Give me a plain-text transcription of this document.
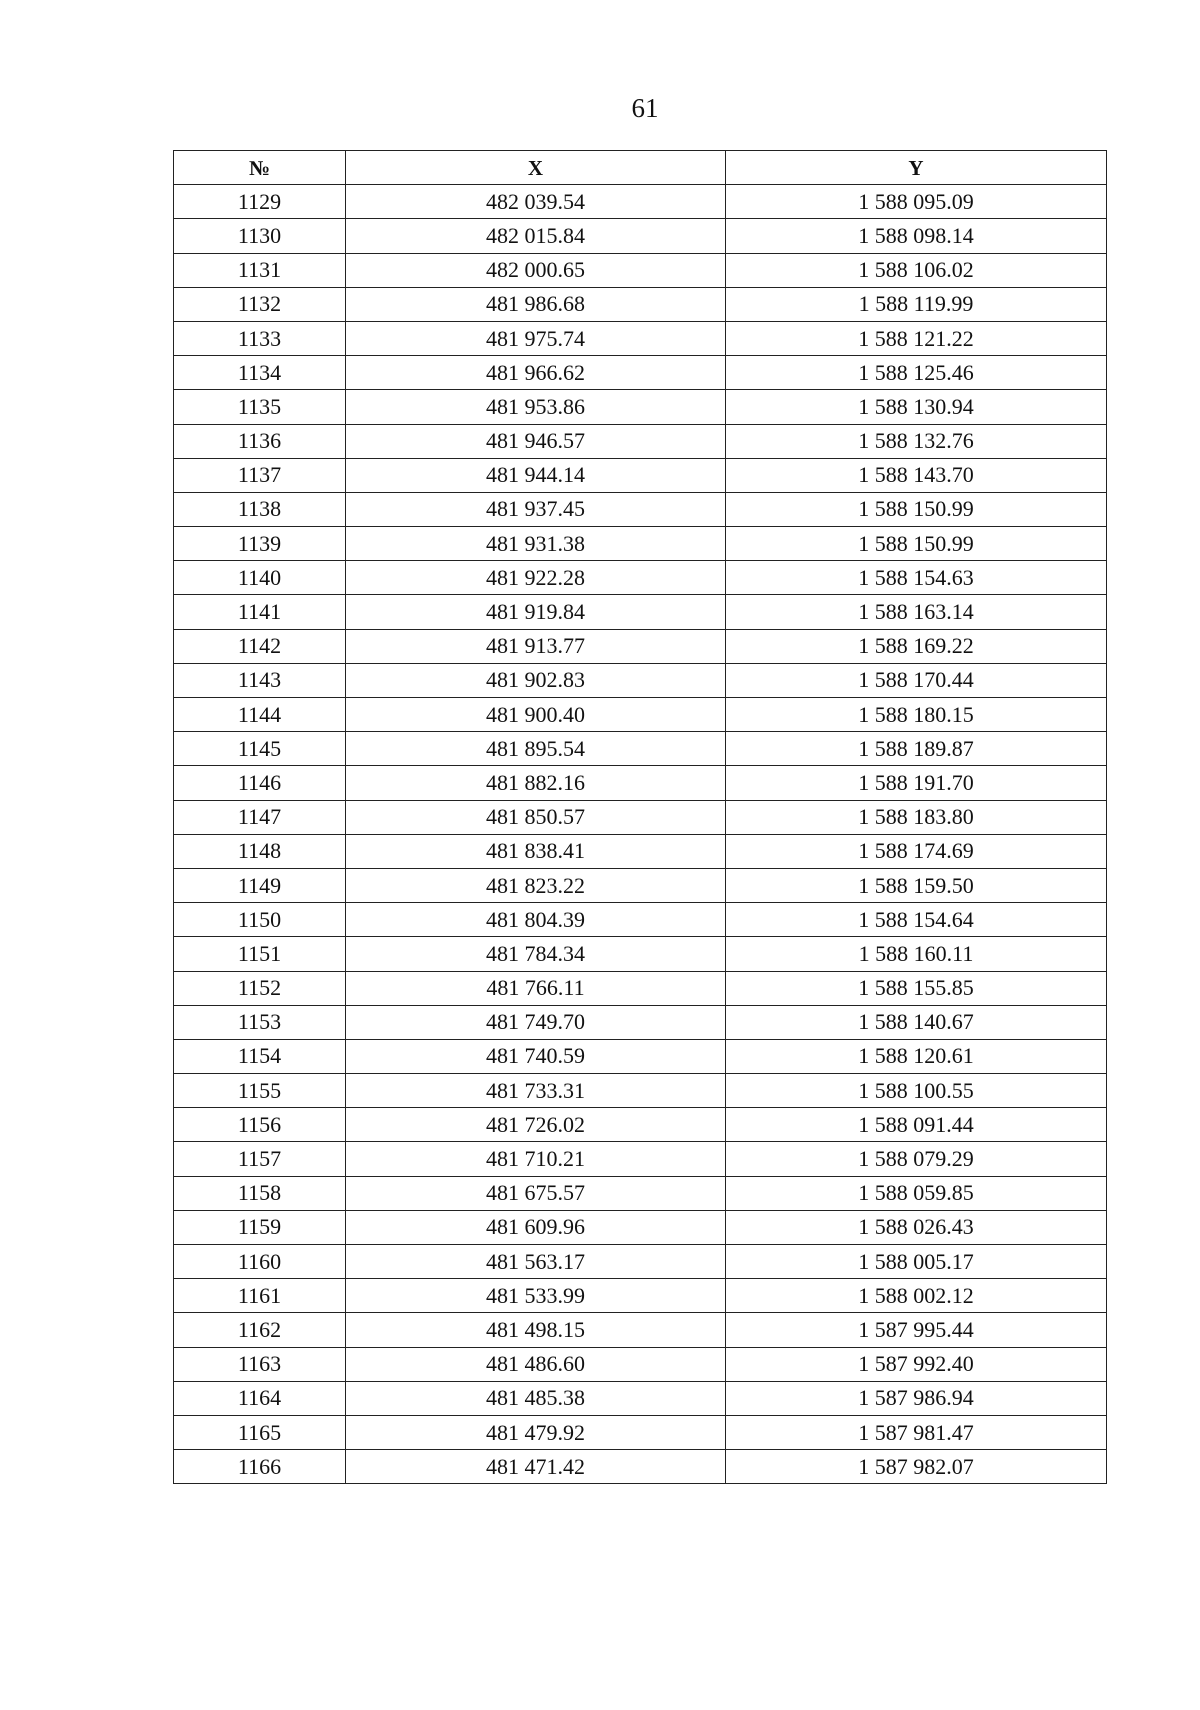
61
№	X	Y
1129	482 039.54	1 588 095.09
1130	482 015.84	1 588 098.14
1131	482 000.65	1 588 106.02
1132	481 986.68	1 588 119.99
1133	481 975.74	1 588 121.22
1134	481 966.62	1 588 125.46
1135	481 953.86	1 588 130.94
1136	481 946.57	1 588 132.76
1137	481 944.14	1 588 143.70
1138	481 937.45	1 588 150.99
1139	481 931.38	1 588 150.99
1140	481 922.28	1 588 154.63
1141	481 919.84	1 588 163.14
1142	481 913.77	1 588 169.22
1143	481 902.83	1 588 170.44
1144	481 900.40	1 588 180.15
1145	481 895.54	1 588 189.87
1146	481 882.16	1 588 191.70
1147	481 850.57	1 588 183.80
1148	481 838.41	1 588 174.69
1149	481 823.22	1 588 159.50
1150	481 804.39	1 588 154.64
1151	481 784.34	1 588 160.11
1152	481 766.11	1 588 155.85
1153	481 749.70	1 588 140.67
1154	481 740.59	1 588 120.61
1155	481 733.31	1 588 100.55
1156	481 726.02	1 588 091.44
1157	481 710.21	1 588 079.29
1158	481 675.57	1 588 059.85
1159	481 609.96	1 588 026.43
1160	481 563.17	1 588 005.17
1161	481 533.99	1 588 002.12
1162	481 498.15	1 587 995.44
1163	481 486.60	1 587 992.40
1164	481 485.38	1 587 986.94
1165	481 479.92	1 587 981.47
1166	481 471.42	1 587 982.07
